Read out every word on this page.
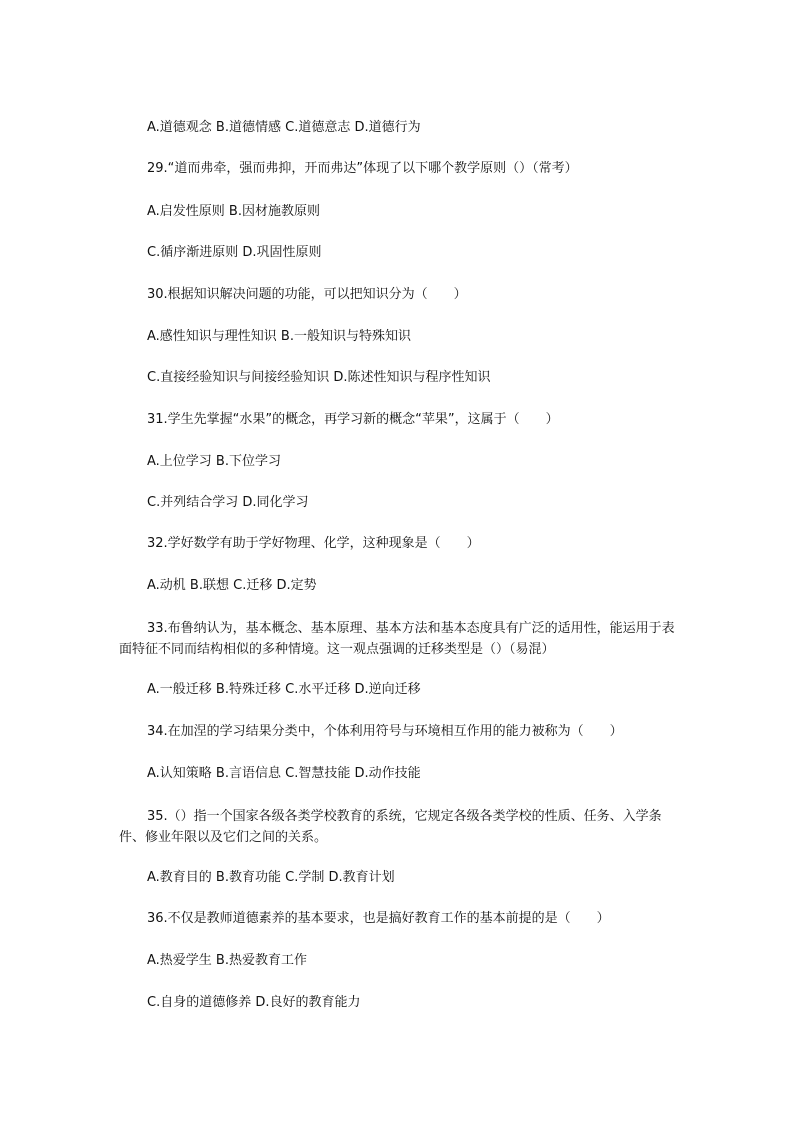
A.道德观念 B.道德情感 C.道德意志 D.道德行为
29.“道而弗牵，强而弗抑，开而弗达”体现了以下哪个教学原则（）（常考）
A.启发性原则 B.因材施教原则
C.循序渐进原则 D.巩固性原则
30.根据知识解决问题的功能，可以把知识分为（　　）
A.感性知识与理性知识 B.一般知识与特殊知识
C.直接经验知识与间接经验知识 D.陈述性知识与程序性知识
31.学生先掌握“水果”的概念，再学习新的概念“苹果”，这属于（　　）
A.上位学习 B.下位学习
C.并列结合学习 D.同化学习
32.学好数学有助于学好物理、化学，这种现象是（　　）
A.动机 B.联想 C.迁移 D.定势
33.布鲁纳认为，基本概念、基本原理、基本方法和基本态度具有广泛的适用性，能运用于表面特征不同而结构相似的多种情境。这一观点强调的迁移类型是（）（易混）
A.一般迁移 B.特殊迁移 C.水平迁移 D.逆向迁移
34.在加涅的学习结果分类中，个体利用符号与环境相互作用的能力被称为（　　）
A.认知策略 B.言语信息 C.智慧技能 D.动作技能
35.（）指一个国家各级各类学校教育的系统，它规定各级各类学校的性质、任务、入学条件、修业年限以及它们之间的关系。
A.教育目的 B.教育功能 C.学制 D.教育计划
36.不仅是教师道德素养的基本要求，也是搞好教育工作的基本前提的是（　　）
A.热爱学生 B.热爱教育工作
C.自身的道德修养 D.良好的教育能力
